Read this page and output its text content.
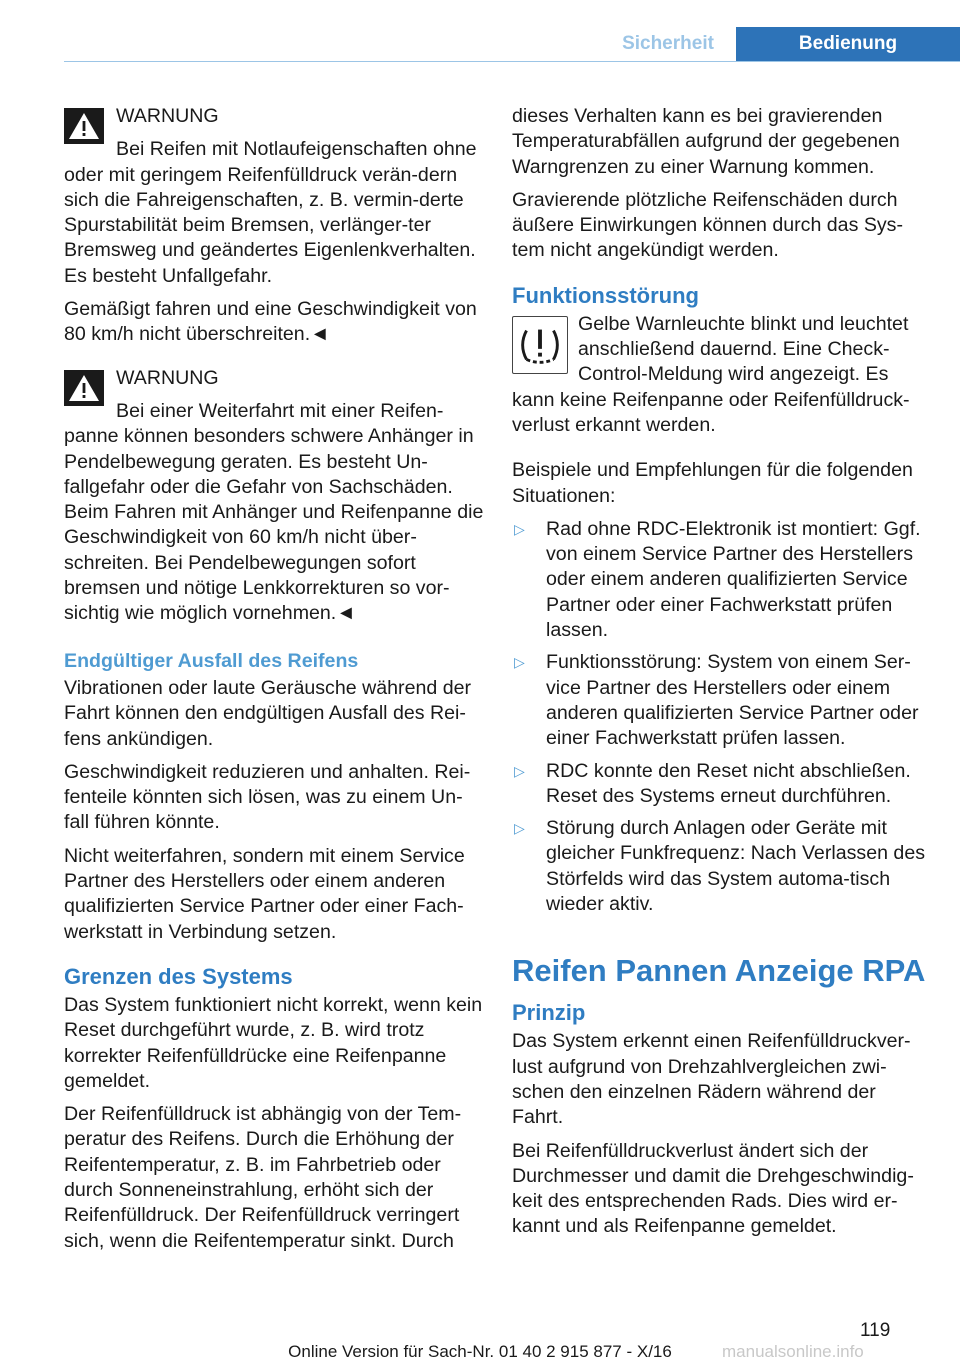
Sicherheit	Bedienung

WARNUNG

Bei Reifen mit Notlaufeigenschaften ohne oder mit geringem Reifenfülldruck verän‐dern sich die Fahreigenschaften, z. B. vermin‐derte Spurstabilität beim Bremsen, verlänger‐ter Bremsweg und geändertes Eigenlenkverhalten. Es besteht Unfallgefahr.

Gemäßigt fahren und eine Geschwindigkeit von 80 km/h nicht überschreiten.◄

WARNUNG

Bei einer Weiterfahrt mit einer Reifen‐panne können besonders schwere Anhänger in Pendelbewegung geraten. Es besteht Un‐fallgefahr oder die Gefahr von Sachschäden. Beim Fahren mit Anhänger und Reifenpanne die Geschwindigkeit von 60 km/h nicht über‐schreiten. Bei Pendelbewegungen sofort bremsen und nötige Lenkkorrekturen so vor‐sichtig wie möglich vornehmen.◄

Endgültiger Ausfall des Reifens

Vibrationen oder laute Geräusche während der Fahrt können den endgültigen Ausfall des Rei‐fens ankündigen.

Geschwindigkeit reduzieren und anhalten. Rei‐fenteile könnten sich lösen, was zu einem Un‐fall führen könnte.

Nicht weiterfahren, sondern mit einem Service Partner des Herstellers oder einem anderen qualifizierten Service Partner oder einer Fach‐werkstatt in Verbindung setzen.

Grenzen des Systems

Das System funktioniert nicht korrekt, wenn kein Reset durchgeführt wurde, z. B. wird trotz korrekter Reifenfülldrücke eine Reifenpanne gemeldet.

Der Reifenfülldruck ist abhängig von der Tem‐peratur des Reifens. Durch die Erhöhung der Reifentemperatur, z. B. im Fahrbetrieb oder durch Sonneneinstrahlung, erhöht sich der Reifenfülldruck. Der Reifenfülldruck verringert sich, wenn die Reifentemperatur sinkt. Durch

dieses Verhalten kann es bei gravierenden Temperaturabfällen aufgrund der gegebenen Warngrenzen zu einer Warnung kommen.

Gravierende plötzliche Reifenschäden durch äußere Einwirkungen können durch das Sys‐tem nicht angekündigt werden.

Funktionsstörung

Gelbe Warnleuchte blinkt und leuchtet anschließend dauernd. Eine Check-Control-Meldung wird angezeigt. Es kann keine Reifenpanne oder Reifenfülldruck‐verlust erkannt werden.

Beispiele und Empfehlungen für die folgenden Situationen:

▷ Rad ohne RDC-Elektronik ist montiert: Ggf. von einem Service Partner des Herstellers oder einem anderen qualifizierten Service Partner oder einer Fachwerkstatt prüfen lassen.
▷ Funktionsstörung: System von einem Ser‐vice Partner des Herstellers oder einem anderen qualifizierten Service Partner oder einer Fachwerkstatt prüfen lassen.
▷ RDC konnte den Reset nicht abschließen. Reset des Systems erneut durchführen.
▷ Störung durch Anlagen oder Geräte mit gleicher Funkfrequenz: Nach Verlassen des Störfelds wird das System automa‐tisch wieder aktiv.
Reifen Pannen Anzeige RPA
Prinzip

Das System erkennt einen Reifenfülldruckver‐lust aufgrund von Drehzahlvergleichen zwi‐schen den einzelnen Rädern während der Fahrt.

Bei Reifenfülldruckverlust ändert sich der Durchmesser und damit die Drehgeschwindig‐keit des entsprechenden Rads. Dies wird er‐kannt und als Reifenpanne gemeldet.

119
Online Version für Sach-Nr. 01 40 2 915 877 - X/16	manualsonline.info
